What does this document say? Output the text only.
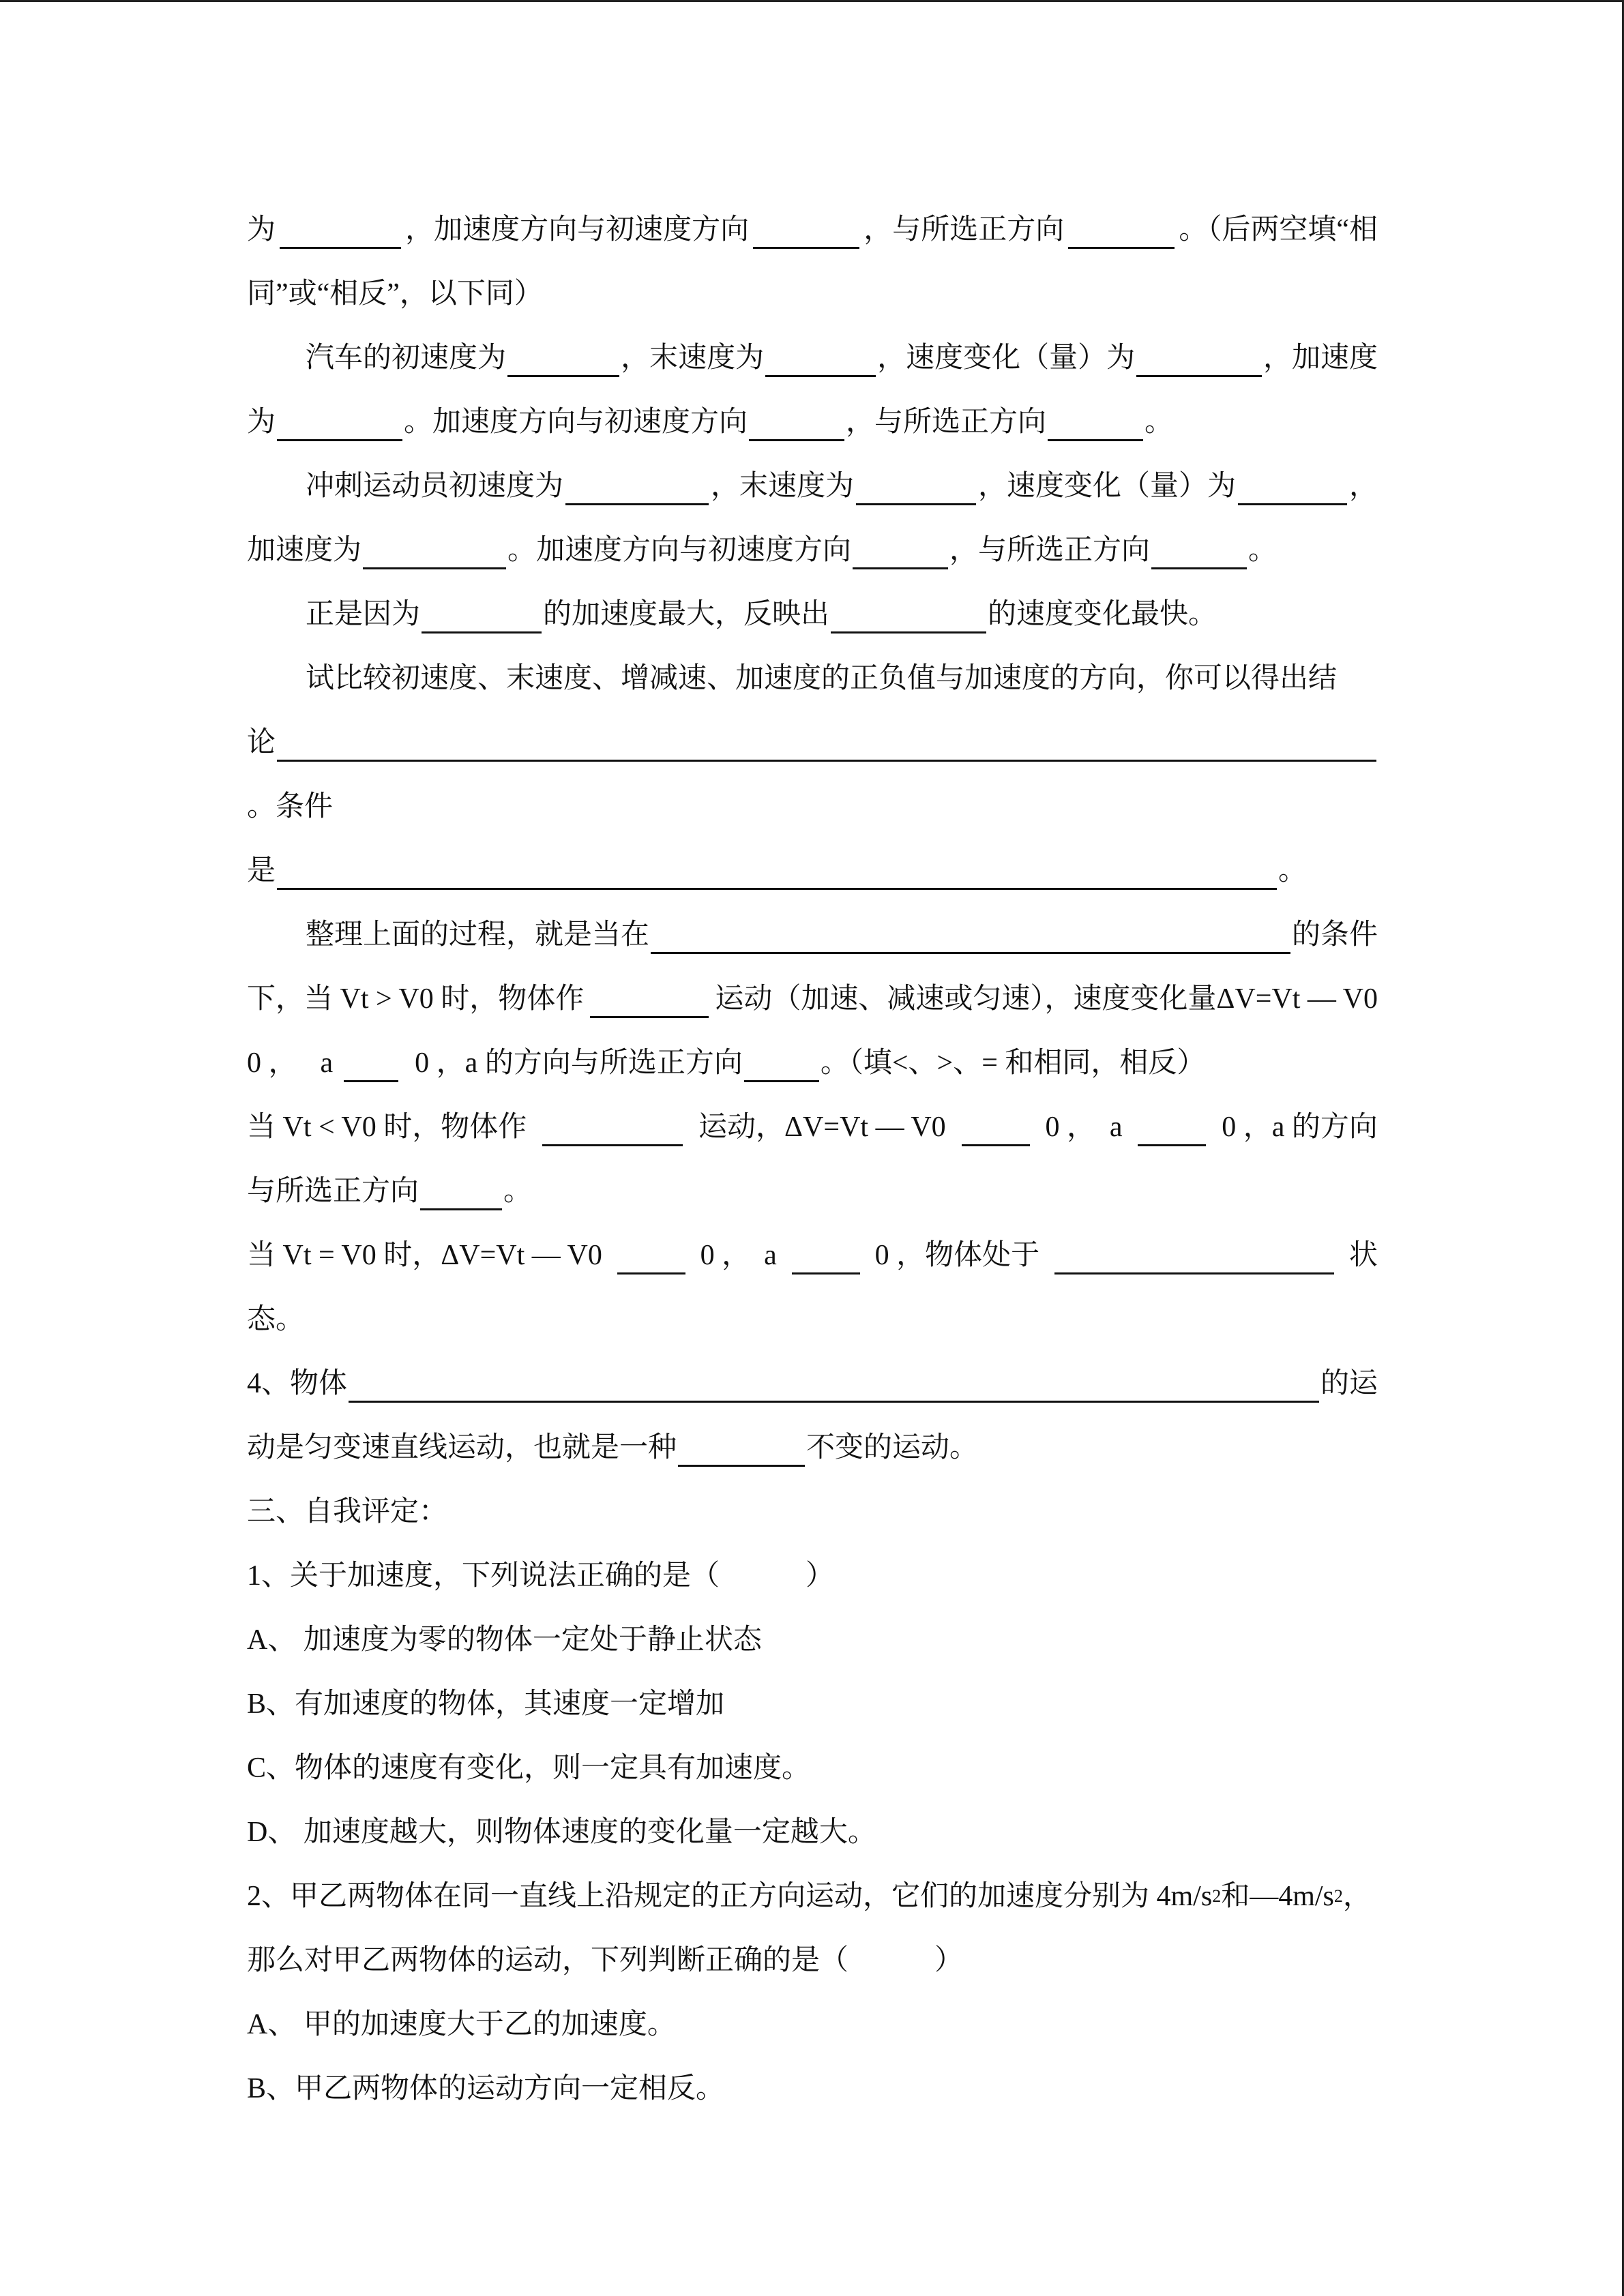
为	，加速度方向与初速度方向	，与所选正方向	。（后两空填“相
同”或“相反”，以下同）
汽车的初速度为	，末速度为	，速度变化（量）为	，加速度
为	。加速度方向与初速度方向	，与所选正方向	。
冲刺运动员初速度为	，末速度为	，速度变化（量）为	，
加速度为	。加速度方向与初速度方向	，与所选正方向	。
正是因为	的加速度最大，反映出	的速度变化最快。
试比较初速度、末速度、增减速、加速度的正负值与加速度的方向，你可以得出结
论
。条件
是	。
整理上面的过程，就是当在	的条件
下，当 Vt > V0 时，物体作	运动（加速、减速或匀速），速度变化量ΔV=Vt — V0
0 ， a	0 ，a 的方向与所选正方向	。（填<、>、= 和相同，相反）
当 Vt < V0 时，物体作	运动，ΔV=Vt — V0	0 ， a	0 ，a 的方向
与所选正方向	。
当 Vt = V0 时，ΔV=Vt — V0	0 ， a	0 ，物体处于	状
态。
4、物体	的运
动是匀变速直线运动，也就是一种	不变的运动。
三、自我评定：
1、关于加速度，下列说法正确的是（　　　）
A、 加速度为零的物体一定处于静止状态
B、有加速度的物体，其速度一定增加
C、物体的速度有变化，则一定具有加速度。
D、 加速度越大，则物体速度的变化量一定越大。
2、甲乙两物体在同一直线上沿规定的正方向运动，它们的加速度分别为 4m/s 2 和—4m/s 2 ，
那么对甲乙两物体的运动，下列判断正确的是（　　　）
A、 甲的加速度大于乙的加速度。
B、甲乙两物体的运动方向一定相反。
